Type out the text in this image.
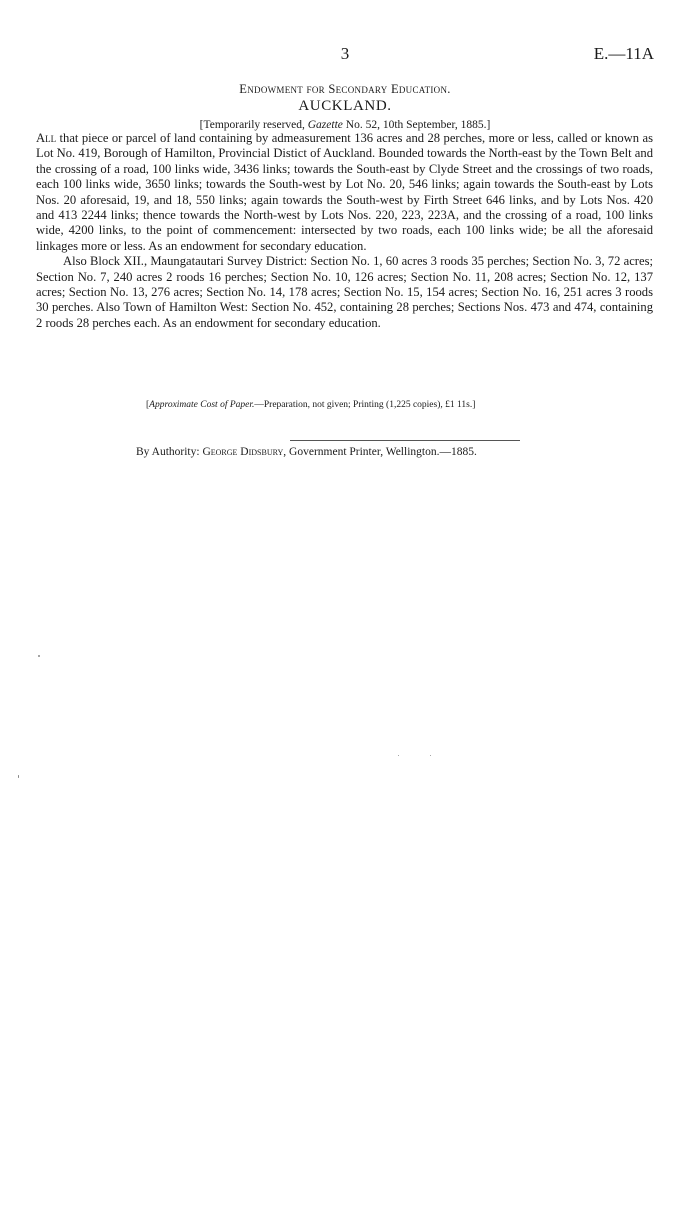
3	E.—11A
Endowment for Secondary Education.
AUCKLAND.
[Temporarily reserved, Gazette No. 52, 10th September, 1885.]

All that piece or parcel of land containing by admeasurement 136 acres and 28 perches, more or less, called or known as Lot No. 419, Borough of Hamilton, Provincial Distict of Auckland. Bounded towards the North-east by the Town Belt and the crossing of a road, 100 links wide, 3436 links; towards the South-east by Clyde Street and the crossings of two roads, each 100 links wide, 3650 links; towards the South-west by Lot No. 20, 546 links; again towards the South-east by Lots Nos. 20 aforesaid, 19, and 18, 550 links; again towards the South-west by Firth Street 646 links, and by Lots Nos. 420 and 413 2244 links; thence towards the North-west by Lots Nos. 220, 223, 223A, and the crossing of a road, 100 links wide, 4200 links, to the point of commencement: intersected by two roads, each 100 links wide; be all the aforesaid linkages more or less. As an endowment for secondary education.

Also Block XII., Maungatautari Survey District: Section No. 1, 60 acres 3 roods 35 perches; Section No. 3, 72 acres; Section No. 7, 240 acres 2 roods 16 perches; Section No. 10, 126 acres; Section No. 11, 208 acres; Section No. 12, 137 acres; Section No. 13, 276 acres; Section No. 14, 178 acres; Section No. 15, 154 acres; Section No. 16, 251 acres 3 roods 30 perches. Also Town of Hamilton West: Section No. 452, containing 28 perches; Sections Nos. 473 and 474, containing 2 roods 28 perches each. As an endowment for secondary education.

[Approximate Cost of Paper.—Preparation, not given; Printing (1,225 copies), £1 11s.]
By Authority: George Didsbury, Government Printer, Wellington.—1885.
